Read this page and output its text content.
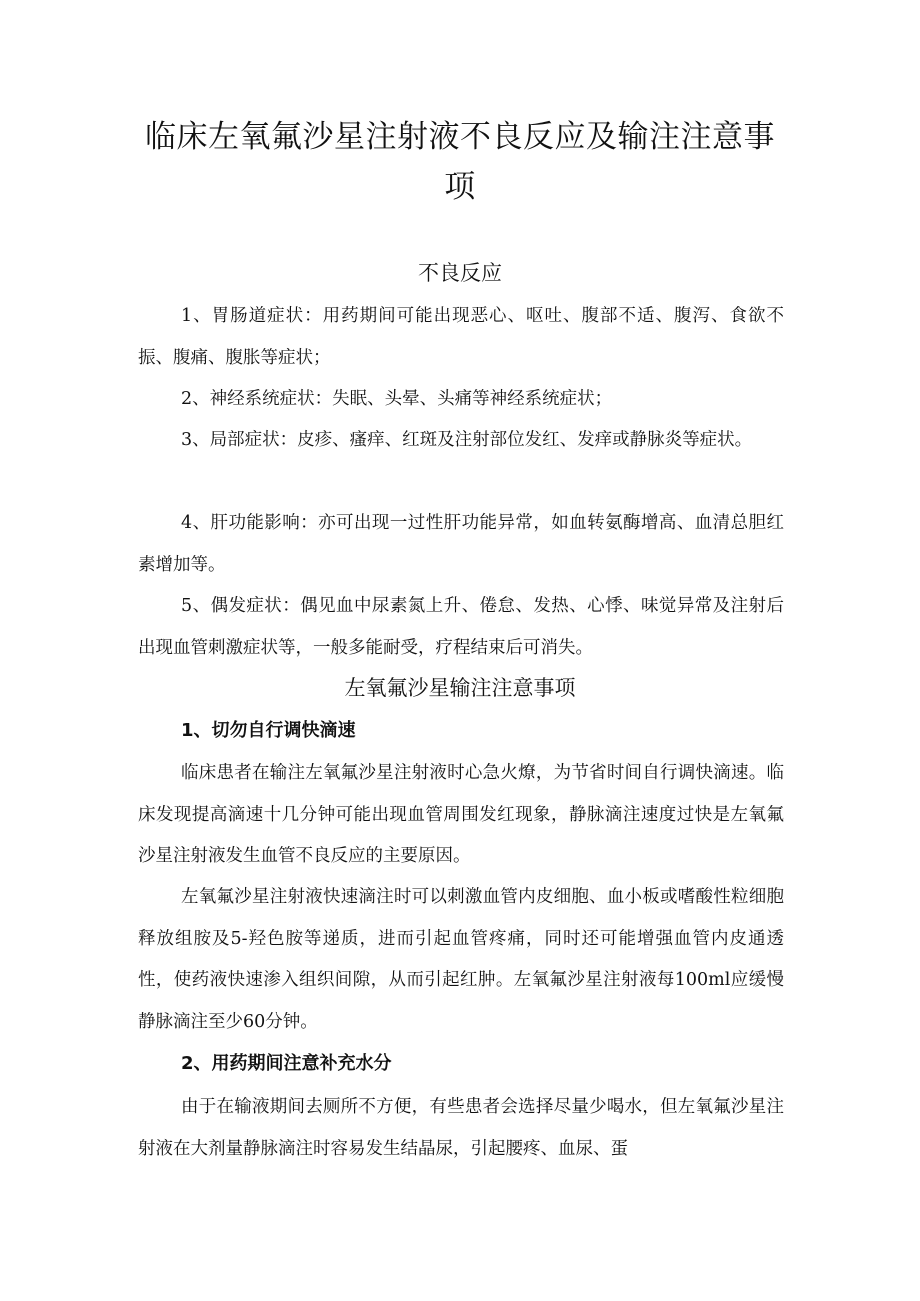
临床左氧氟沙星注射液不良反应及输注注意事项
不良反应

1、胃肠道症状：用药期间可能出现恶心、呕吐、腹部不适、腹泻、食欲不振、腹痛、腹胀等症状；

2、神经系统症状：失眠、头晕、头痛等神经系统症状；

3、局部症状：皮疹、瘙痒、红斑及注射部位发红、发痒或静脉炎等症状。

4、肝功能影响：亦可出现一过性肝功能异常，如血转氨酶增高、血清总胆红素增加等。

5、偶发症状：偶见血中尿素氮上升、倦怠、发热、心悸、味觉异常及注射后出现血管刺激症状等，一般多能耐受，疗程结束后可消失。

左氧氟沙星输注注意事项
1、切勿自行调快滴速

临床患者在输注左氧氟沙星注射液时心急火燎，为节省时间自行调快滴速。临床发现提高滴速十几分钟可能出现血管周围发红现象，静脉滴注速度过快是左氧氟沙星注射液发生血管不良反应的主要原因。

左氧氟沙星注射液快速滴注时可以刺激血管内皮细胞、血小板或嗜酸性粒细胞释放组胺及5-羟色胺等递质，进而引起血管疼痛，同时还可能增强血管内皮通透性，使药液快速渗入组织间隙，从而引起红肿。左氧氟沙星注射液每100ml应缓慢静脉滴注至少60分钟。

2、用药期间注意补充水分

由于在输液期间去厕所不方便，有些患者会选择尽量少喝水，但左氧氟沙星注射液在大剂量静脉滴注时容易发生结晶尿，引起腰疼、血尿、蛋
